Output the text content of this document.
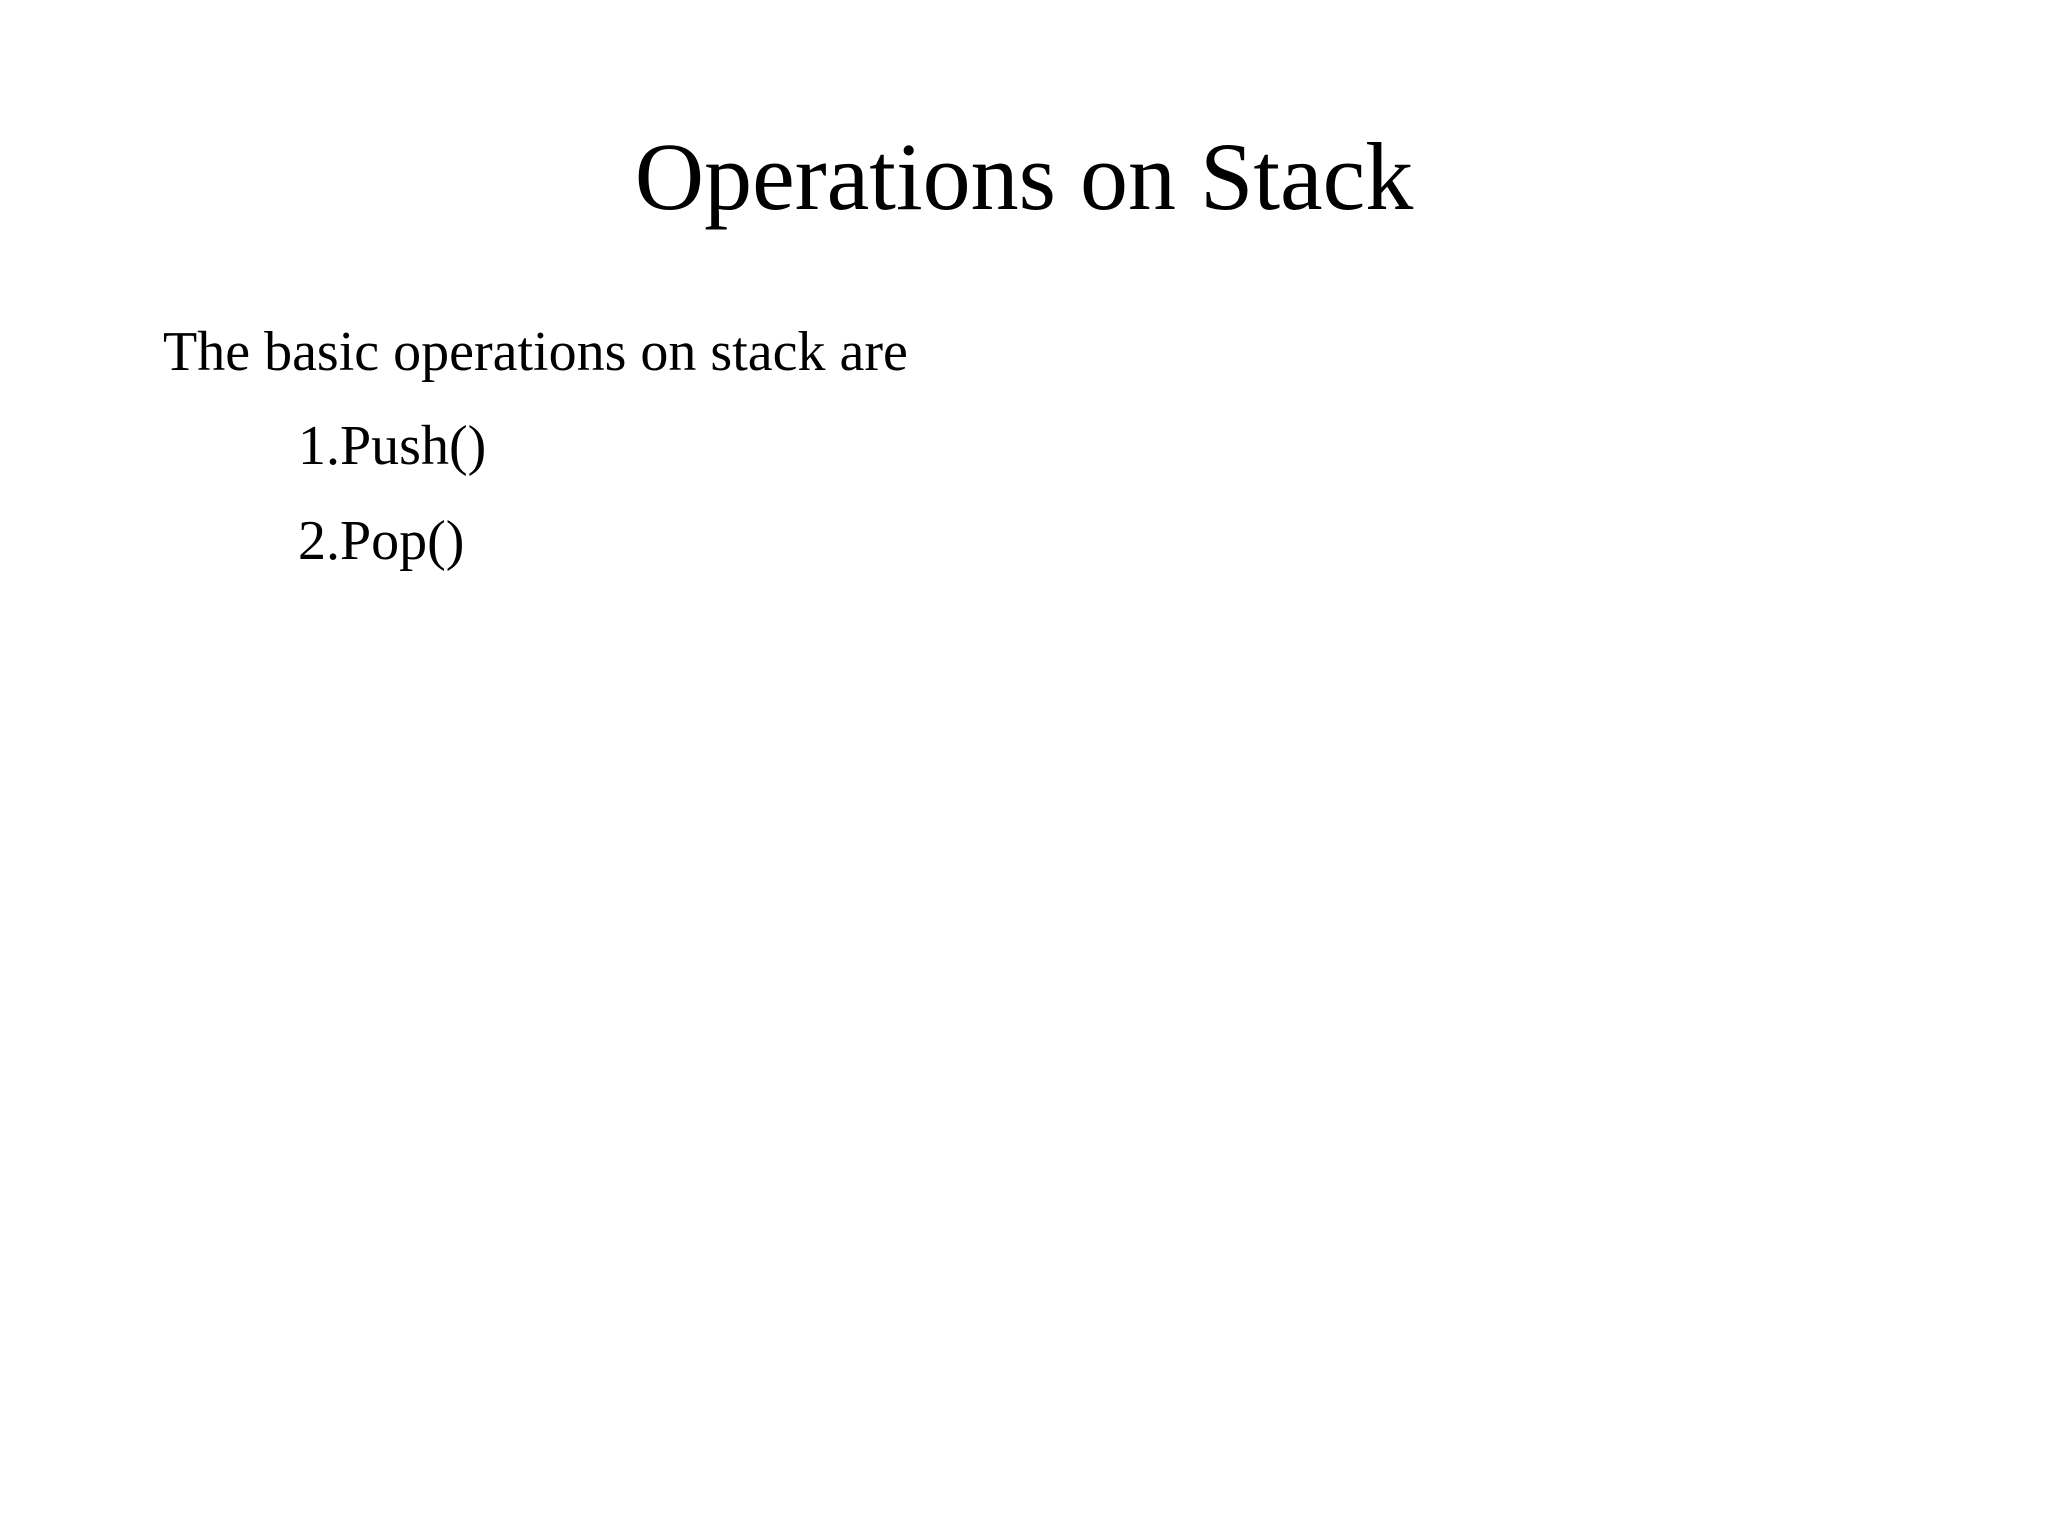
Operations on Stack

The basic operations on stack are

1.Push()
2.Pop()
